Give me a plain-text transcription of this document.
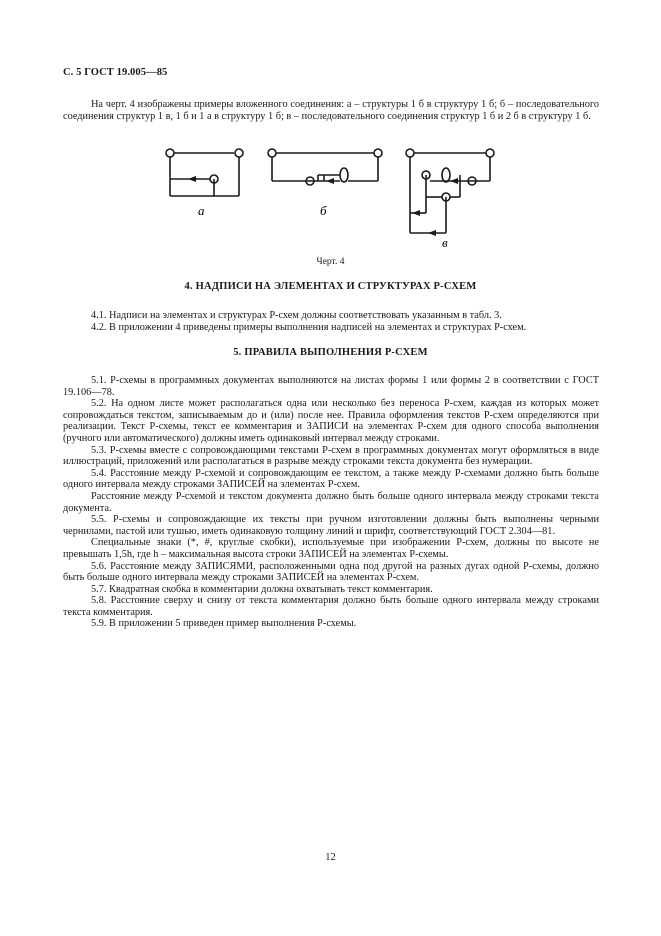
С. 5 ГОСТ 19.005—85

На черт. 4 изображены примеры вложенного соединения: а – структуры 1 б в структуру 1 б; б – последовательного соединения структур 1 в, 1 б и 1 а в структуру 1 б; в – последовательного соединения структур 1 б и 2 б в структуру 1 б.

а	б
в
Черт. 4
4. НАДПИСИ НА ЭЛЕМЕНТАХ И СТРУКТУРАХ Р-СХЕМ

4.1. Надписи на элементах и структурах Р-схем должны соответствовать указанным в табл. 3.

4.2. В приложении 4 приведены примеры выполнения надписей на элементах и структурах Р-схем.

5. ПРАВИЛА ВЫПОЛНЕНИЯ Р-СХЕМ

5.1. Р-схемы в программных документах выполняются на листах формы 1 или формы 2 в соответствии с ГОСТ 19.106—78.

5.2. На одном листе может располагаться одна или несколько без переноса Р-схем, каждая из которых может сопровождаться текстом, записываемым до и (или) после нее. Правила оформления текстов Р-схем определяются при реализации. Текст Р-схемы, текст ее комментария и ЗАПИСИ на элементах Р-схем для одного способа выполнения (ручного или автоматического) должны иметь одинаковый интервал между строками.

5.3. Р-схемы вместе с сопровождающими текстами Р-схем в программных документах могут оформляться в виде иллюстраций, приложений или располагаться в разрыве между строками текста документа без нумерации.

5.4. Расстояние между Р-схемой и сопровождающим ее текстом, а также между Р-схемами должно быть больше одного интервала между строками ЗАПИСЕЙ на элементах Р-схем.

Расстояние между Р-схемой и текстом документа должно быть больше одного интервала между строками текста документа.

5.5. Р-схемы и сопровождающие их тексты при ручном изготовлении должны быть выполнены черными чернилами, пастой или тушью, иметь одинаковую толщину линий и шрифт, соответствующий ГОСТ 2.304—81.

Специальные знаки (*, #, круглые скобки), используемые при изображении Р-схем, должны по высоте не превышать 1,5h, где h – максимальная высота строки ЗАПИСЕЙ на элементах Р-схемы.

5.6. Расстояние между ЗАПИСЯМИ, расположенными одна под другой на разных дугах одной Р-схемы, должно быть больше одного интервала между строками ЗАПИСЕЙ на элементах Р-схем.

5.7. Квадратная скобка в комментарии должна охватывать текст комментария.

5.8. Расстояние сверху и снизу от текста комментария должно быть больше одного интервала между строками текста комментария.

5.9. В приложении 5 приведен пример выполнения Р-схемы.

12
